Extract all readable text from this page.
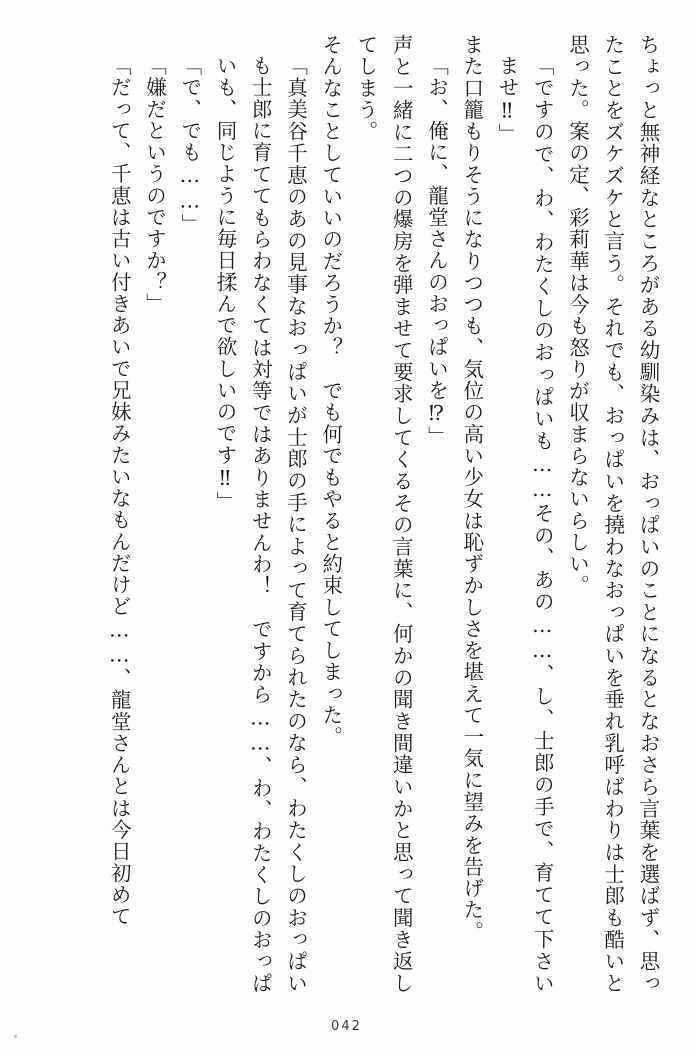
ちょっと無神経なところがある幼馴染みは、おっぱいのことになるとなおさら言葉を選ばず、思ったことをズケズケと言う。それでも、おっぱいを撓わなおっぱいを垂れ乳呼ばわりは士郎も酷いと思った。案の定、彩莉華は今も怒りが収まらないらしい。

「ですので、わ、わたくしのおっぱいも……その、あの……、し、士郎の手で、育てて下さいませ‼」

また口籠もりそうになりつつも、気位の高い少女は恥ずかしさを堪えて一気に望みを告げた。

「お、俺に、龍堂さんのおっぱいを⁉」

声と一緒に二つの爆房を弾ませて要求してくるその言葉に、何かの聞き間違いかと思って聞き返してしまう。

そんなことしていいのだろうか？　でも何でもやると約束してしまった。

「真美谷千恵のあの見事なおっぱいが士郎の手によって育てられたのなら、わたくしのおっぱいも士郎に育ててもらわなくては対等ではありませんわ！　ですから……、わ、わたくしのおっぱいも、同じように毎日揉んで欲しいのです‼」

「で、でも……」

「嫌だというのですか？」

「だって、千恵は古い付きあいで兄妹みたいなもんだけど……、龍堂さんとは今日初めて

042
